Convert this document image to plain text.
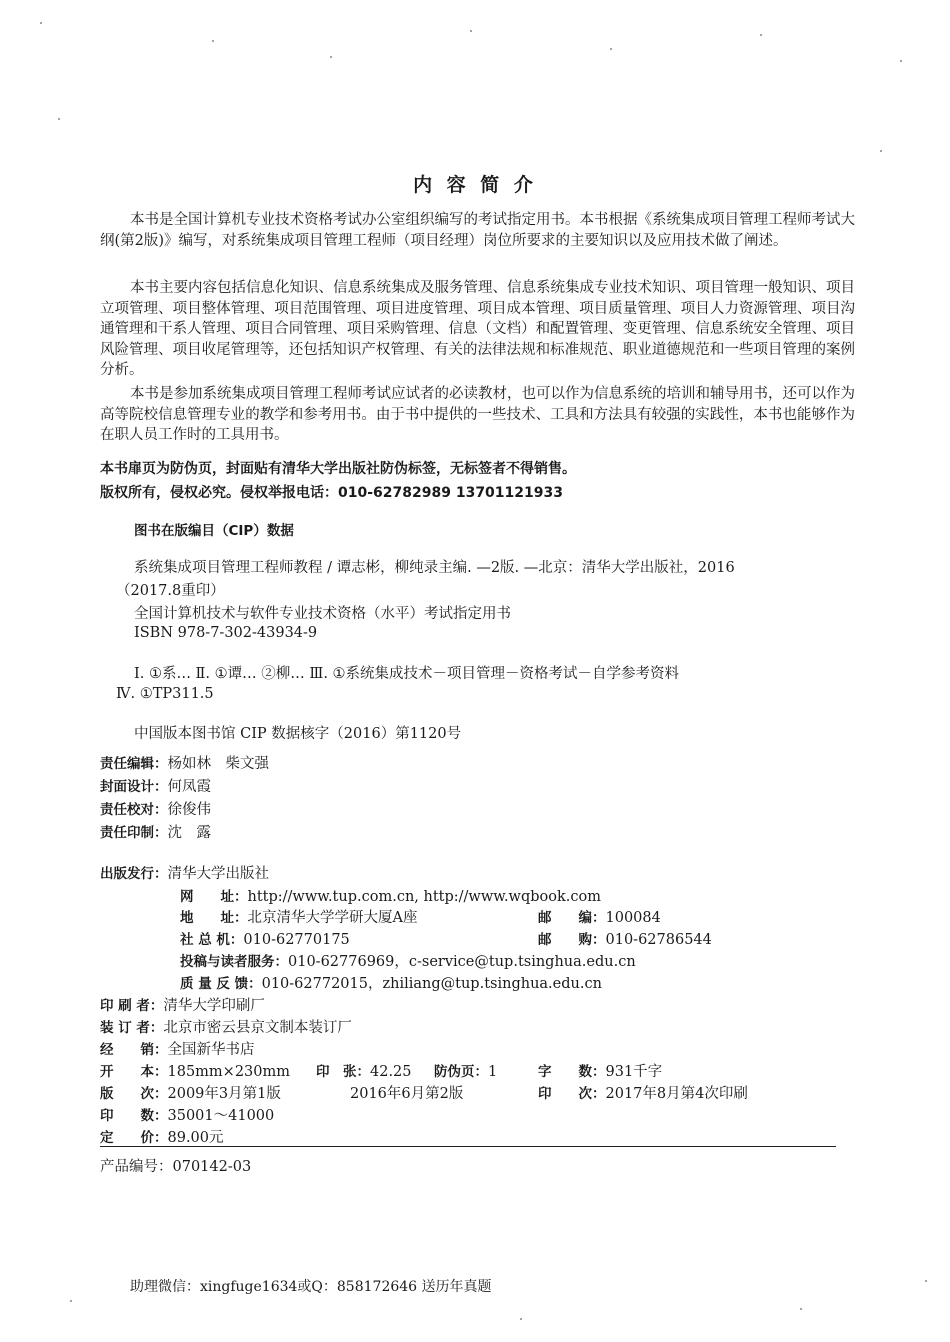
内 容 简 介

本书是全国计算机专业技术资格考试办公室组织编写的考试指定用书。本书根据《系统集成项目管理工程师考试大纲(第2版)》编写，对系统集成项目管理工程师（项目经理）岗位所要求的主要知识以及应用技术做了阐述。

本书主要内容包括信息化知识、信息系统集成及服务管理、信息系统集成专业技术知识、项目管理一般知识、项目立项管理、项目整体管理、项目范围管理、项目进度管理、项目成本管理、项目质量管理、项目人力资源管理、项目沟通管理和干系人管理、项目合同管理、项目采购管理、信息（文档）和配置管理、变更管理、信息系统安全管理、项目风险管理、项目收尾管理等，还包括知识产权管理、有关的法律法规和标准规范、职业道德规范和一些项目管理的案例分析。

本书是参加系统集成项目管理工程师考试应试者的必读教材，也可以作为信息系统的培训和辅导用书，还可以作为高等院校信息管理专业的教学和参考用书。由于书中提供的一些技术、工具和方法具有较强的实践性，本书也能够作为在职人员工作时的工具用书。

本书扉页为防伪页，封面贴有清华大学出版社防伪标签，无标签者不得销售。
版权所有，侵权必究。侵权举报电话：010-62782989 13701121933
图书在版编目（CIP）数据
系统集成项目管理工程师教程 / 谭志彬，柳纯录主编. —2版. —北京：清华大学出版社，2016
（2017.8重印）
全国计算机技术与软件专业技术资格（水平）考试指定用书
ISBN 978-7-302-43934-9
Ⅰ. ①系… Ⅱ. ①谭… ②柳… Ⅲ. ①系统集成技术－项目管理－资格考试－自学参考资料
Ⅳ. ①TP311.5
中国版本图书馆 CIP 数据核字（2016）第1120号
责任编辑：杨如林　柴文强
封面设计：何凤霞
责任校对：徐俊伟
责任印制：沈　露
出版发行：清华大学出版社
网　　址：http://www.tup.com.cn, http://www.wqbook.com
地　　址：北京清华大学学研大厦A座	邮　　编：100084
社 总 机：010-62770175	邮　　购：010-62786544
投稿与读者服务：010-62776969，c-service@tup.tsinghua.edu.cn
质 量 反 馈：010-62772015，zhiliang@tup.tsinghua.edu.cn
印 刷 者：清华大学印刷厂
装 订 者：北京市密云县京文制本装订厂
经　　销：全国新华书店
开　　本：185mm×230mm 印　张：42.25 防伪页：1	字　　数：931千字
版　　次：2009年3月第1版	2016年6月第2版	印　　次：2017年8月第4次印刷
印　　数：35001～41000
定　　价：89.00元
产品编号：070142-03
助理微信：xingfuge1634或Q：858172646 送历年真题
